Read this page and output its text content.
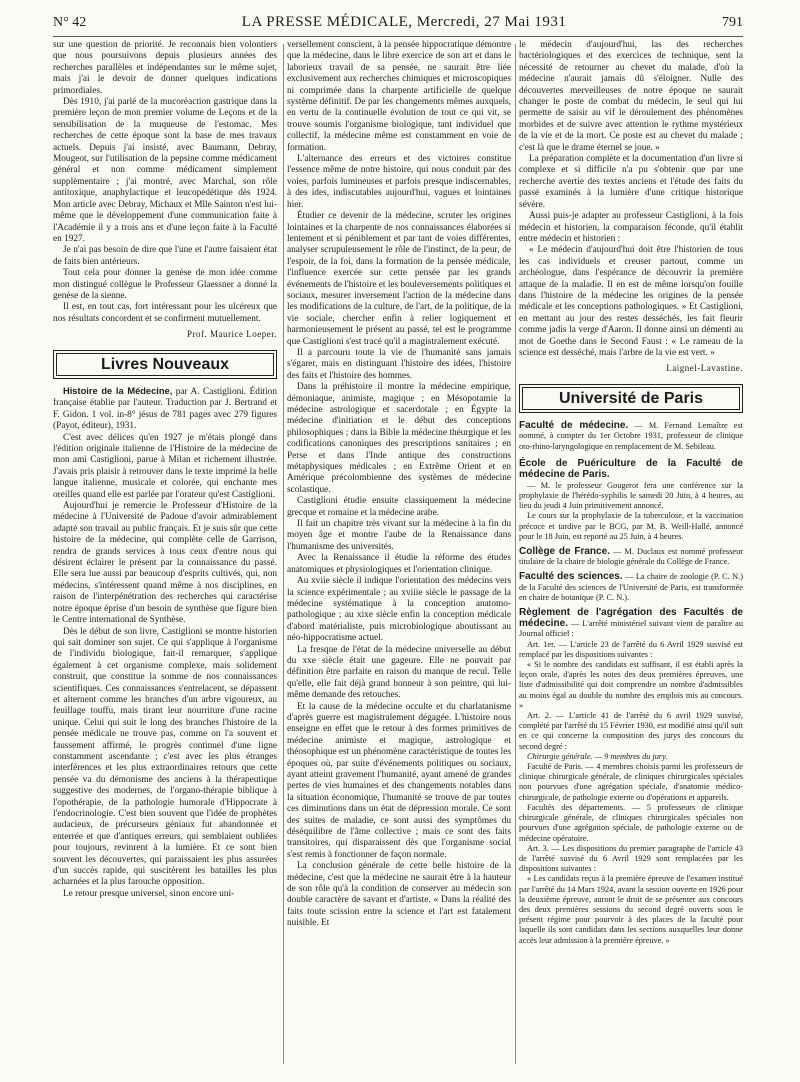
N° 42	LA PRESSE MÉDICALE, Mercredi, 27 Mai 1931	791

sur une question de priorité. Je reconnais bien volontiers que nous poursuivons depuis plusieurs années des recherches parallèles et indépendantes sur le même sujet, mais j'ai le devoir de donner quelques indications primordiales.

Dès 1910, j'ai parlé de la mucoréaction gastrique dans la première leçon de mon premier volume de Leçons et de la sensibilisation de la muqueuse de l'estomac. Mes recherches de cette époque sont la base de mes travaux actuels. Depuis j'ai insisté, avec Baumann, Debray, Mougeot, sur l'utilisation de la pepsine comme médicament général et non comme médicament simplement supplémentaire ; j'ai montré, avec Marchal, son rôle antitoxique, anaphylactique et leucopédétique dès 1924. Mon article avec Debray, Michaux et Mlle Sainton n'est lui-même que le développement d'une communication faite à l'Académie il y a trois ans et d'une leçon faite à la Faculté en 1927.

Je n'ai pas besoin de dire que l'une et l'autre faisaient état de faits bien antérieurs.

Tout cela pour donner la genèse de mon idée comme mon distingué collègue le Professeur Glaessner a donné la genèse de la sienne.

Il est, en tout cas, fort intéressant pour les ulcéreux que nos résultats concordent et se confirment mutuellement.

Prof. Maurice Loeper.
Livres Nouveaux

Histoire de la Médecine, par A. Castiglioni. Édition française établie par l'auteur. Traduction par J. Bertrand et F. Gidon. 1 vol. in-8° jésus de 781 pages avec 279 figures (Payot, éditeur), 1931.

C'est avec délices qu'en 1927 je m'étais plongé dans l'édition originale italienne de l'Histoire de la médecine de mon ami Castiglioni, parue à Milan et richement illustrée. J'avais pris plaisir à retrouver dans le texte imprimé la belle langue italienne, musicale et colorée, qui enchante mes oreilles quand elle est parlée par l'orateur qu'est Castiglioni.

Aujourd'hui je remercie le Professeur d'Histoire de la médecine à l'Université de Padoue d'avoir admirablement adapté son travail au public français. Et je suis sûr que cette histoire de la médecine, qui complète celle de Garrison, rendra de grands services à tous ceux d'entre nous qui désirent éclairer le présent par la connaissance du passé. Elle sera lue aussi par beaucoup d'esprits cultivés, qui, non médecins, s'intéressent quand même à nos disciplines, en raison de l'interpénétration des recherches qui caractérise notre époque éprise d'un besoin de synthèse que figure bien le Centre international de Synthèse.

Dès le début de son livre, Castiglioni se montre historien qui sait dominer son sujet. Ce qui s'applique à l'organisme de l'individu biologique, fait-il remarquer, s'applique également à cet organisme complexe, mais solidement construit, que constitue la somme de nos connaissances scientifiques. Ces connaissances s'entrelacent, se dépassent et alternent comme les branches d'un arbre vigoureux, au feuillage touffu, mais tirant leur nourriture d'une racine unique. Celui qui suit le long des branches l'histoire de la pensée médicale ne trouve pas, comme on l'a souvent et faussement affirmé, le progrès continuel d'une ligne constamment ascendante ; c'est avec les plus étranges interférences et les plus extraordinaires retours que cette pensée va du démonisme des anciens à la thérapeutique suggestive des modernes, de l'organo-thérapie biblique à l'opothérapie, de la pathologie humorale d'Hippocrate à l'endocrinologie. C'est bien souvent que l'idée de prophètes audacieux, de précurseurs géniaux fut abandonnée et enterrée et que d'antiques erreurs, qui semblaient oubliées pour toujours, revinrent à la lumière. Et ce sont bien souvent les découvertes, qui paraissaient les plus assurées d'un succès rapide, qui suscitèrent les batailles les plus acharnées et la plus farouche opposition.

Le retour presque universel, sinon encore uni-

versellement conscient, à la pensée hippocratique démontre que la médecine, dans le libre exercice de son art et dans le laborieux travail de sa pensée, ne saurait être liée exclusivement aux recherches chimiques et microscopiques ni comprimée dans la charpente artificielle de quelque système définitif. De par les changements mêmes auxquels, en vertu de la continuelle évolution de tout ce qui vit, se trouve soumis l'organisme biologique, tant individuel que collectif, la médecine même est constamment en voie de formation.

L'alternance des erreurs et des victoires constitue l'essence même de notre histoire, qui nous conduit par des voies, parfois lumineuses et parfois presque indiscernables, à des ides, indiscutables aujourd'hui, vagues et lointaines hier.

Étudier ce devenir de la médecine, scruter les origines lointaines et la charpente de nos connaissances élaborées si lentement et si péniblement et par tant de voies différentes, analyser scrupuleusement le rôle de l'instinct, de la peur, de l'espoir, de la foi, dans la formation de la pensée médicale, l'influence exercée sur cette pensée par les grands événements de l'histoire et les bouleversements politiques et sociaux, mesurer inversement l'action de la médecine dans les modifications de la culture, de l'art, de la politique, de la vie sociale, chercher enfin à relier logiquement et harmonieusement le présent au passé, tel est le programme que Castiglioni s'est tracé qu'il a magistralement exécuté.

Il a parcouru toute la vie de l'humanité sans jamais s'égarer, mais en distinguant l'histoire des idées, l'histoire des faits et l'histoire des hommes.

Dans la préhistoire il montre la médecine empirique, démoniaque, animiste, magique ; en Mésopotamie la médecine astrologique et sacerdotale ; en Égypte la médecine d'initiation et le début des conceptions philosophiques ; dans la Bible la médecine théurgique et les codifications canoniques des prescriptions sanitaires ; en Perse et dans l'Inde antique des constructions métaphysiques médicales ; en Extrême Orient et en Amérique précolombienne des systèmes de médecine scolastique.

Castiglioni étudie ensuite classiquement la médecine grecque et romaine et la médecine arabe.

Il fait un chapitre très vivant sur la médecine à la fin du moyen âge et montre l'aube de la Renaissance dans l'humanisme des universités.

Avec la Renaissance il étudie la réforme des études anatomiques et physiologiques et l'orientation clinique.

Au xviie siècle il indique l'orientation des médecins vers la science expérimentale ; au xviiie siècle le passage de la médecine systématique à la conception anatomo-pathologique ; au xixe siècle enfin la conception médicale d'abord matérialiste, puis microbiologique aboutissant au néo-hippocratisme actuel.

La fresque de l'état de la médecine universelle au début du xxe siècle était une gageure. Elle ne pouvait par définition être parfaite en raison du manque de recul. Telle qu'elle, elle fait déjà grand honneur à son peintre, qui lui-même demande des retouches.

Et la cause de la médecine occulte et du charlatanisme d'après guerre est magistralement dégagée. L'histoire nous enseigne en effet que le retour à des formes primitives de médecine animiste et magique, astrologique et théosophique est un phénomène caractéristique de toutes les époques où, par suite d'événements politiques ou sociaux, ayant atteint gravement l'humanité, ayant amené de grandes pertes de vies humaines et des changements notables dans la situation économique, l'humanité se trouve de par toutes ces diminutions dans un état de dépression morale. Ce sont des suites de maladie, ce sont aussi des symptômes du déséquilibre de l'âme collective ; mais ce sont des faits transitoires, qui disparaissent dès que l'organisme social s'est remis à fonctionner de façon normale.

La conclusion générale de cette belle histoire de la médecine, c'est que la médecine ne saurait être à la hauteur de son rôle qu'à la condition de conserver au médecin son double caractère de savant et d'artiste. « Dans la réalité des faits toute scission entre la science et l'art est fatalement nuisible. Et

le médecin d'aujourd'hui, las des recherches bactériologiques et des exercices de technique, sent la nécessité de retourner au chevet du malade, d'où la médecine n'aurait jamais dû s'éloigner. Nulle des découvertes merveilleuses de notre époque ne saurait changer le poste de combat du médecin, le seul qui lui permette de saisir au vif le déroulement des phénomènes morbides et de suivre avec attention le rythme mystérieux de la vie et de la mort. Ce poste est au chevet du malade ; c'est là que le drame éternel se joue. »

La préparation complète et la documentation d'un livre si complexe et si difficile n'a pu s'obtenir que par une recherche avertie des textes anciens et l'étude des faits du passé examinés à la lumière d'une critique historique sévère.

Aussi puis-je adapter au professeur Castiglioni, à la fois médecin et historien, la comparaison féconde, qu'il établit entre médecin et historien :

« Le médecin d'aujourd'hui doit être l'historien de tous les cas individuels et creuser partout, comme un archéologue, dans l'espérance de découvrir la première attaque de la maladie. Il en est de même lorsqu'on fouille dans l'histoire de la médecine les origines de la pensée médicale et les conceptions pathologiques. » Et Castiglioni, en mettant au jour des restes desséchés, les fait fleurir comme jadis la verge d'Aaron. Il donne ainsi un démenti au mot de Goethe dans le Second Faust : « Le rameau de la science est desséché, mais l'arbre de la vie est vert. »

Laignel-Lavastine.
Université de Paris

Faculté de médecine. — M. Fernand Lemaître est nommé, à compter du 1er Octobre 1931, professeur de clinique oto-rhino-laryngologique en remplacement de M. Sebileau.

École de Puériculture de la Faculté de médecine de Paris.

— M. le professeur Gougerot fera une conférence sur la prophylaxie de l'hérédo-syphilis le samedi 20 Juin, à 4 heures, au lieu du jeudi 4 Juin primitivement annoncé.

Le cours sur la prophylaxie de la tuberculose, et la vaccination précoce et tardive par le BCG, par M. B. Weill-Hallé, annoncé pour le 18 Juin, est reporté au 25 Juin, à 4 heures.

Collège de France. — M. Duclaux est nommé professeur titulaire de la chaire de biologie générale du Collège de France.

Faculté des sciences. — La chaire de zoologie (P. C. N.) de la Faculté des sciences de l'Université de Paris, est transformée en chaire de botanique (P. C. N.).

Règlement de l'agrégation des Facultés de médecine. — L'arrêté ministériel suivant vient de paraître au Journal officiel :

Art. 1er. — L'article 23 de l'arrêté du 6 Avril 1929 susvisé est remplacé par les dispositions suivantes :

« Si le nombre des candidats est suffisant, il est établi après la leçon orale, d'après les notes des deux premières épreuves, une liste d'admissibilité qui doit comprendre un nombre d'admissibles au moins égal au double du nombre des emplois mis au concours. »

Art. 2. — L'article 41 de l'arrêté du 6 avril 1929 susvisé, complété par l'arrêté du 15 Février 1930, est modifié ainsi qu'il suit en ce qui concerne la composition des jurys des concours du second degré :

Chirurgie générale. — 9 membres du jury.

Faculté de Paris. — 4 membres choisis parmi les professeurs de clinique chirurgicale générale, de cliniques chirurgicales spéciales non pourvues d'une agrégation spéciale, d'anatomie médico-chirurgicale, de pathologie externe ou d'opérations et appareils.

Facultés des départements. — 5 professeurs de clinique chirurgicale générale, de cliniques chirurgicales spéciales non pourvues d'une agrégation spéciale, de pathologie externe ou de médecine opératoire.

Art. 3. — Les dispositions du premier paragraphe de l'article 43 de l'arrêté susvisé du 6 Avril 1929 sont remplacées par les dispositions suivantes :

« Les candidats reçus à la première épreuve de l'examen institué par l'arrêté du 14 Mars 1924, avant la session ouverte en 1926 pour la deuxième épreuve, auront le droit de se présenter aux concours des deux premières sessions du second degré ouverts sous le présent régime pour pourvoir à des places de la faculté pour laquelle ils sont candidats dans les sections auxquelles leur donne accès leur admission à la première épreuve. »
